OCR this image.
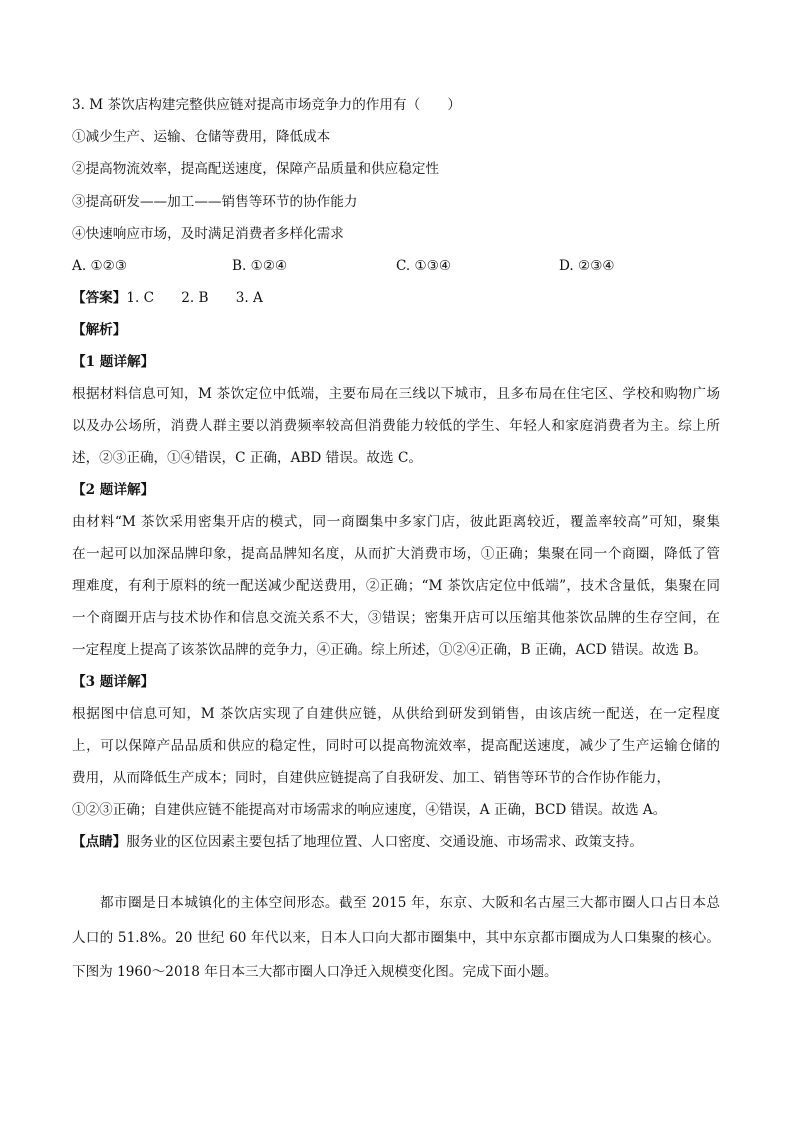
3. M 茶饮店构建完整供应链对提高市场竞争力的作用有（　　）
①减少生产、运输、仓储等费用，降低成本
②提高物流效率，提高配送速度，保障产品质量和供应稳定性
③提高研发——加工——销售等环节的协作能力
④快速响应市场，及时满足消费者多样化需求
A. ①②③	B. ①②④	C. ①③④	D. ②③④
【答案】1. C　　2. B　　3. A
【解析】
【1 题详解】
根据材料信息可知，M 茶饮定位中低端，主要布局在三线以下城市，且多布局在住宅区、学校和购物广场
以及办公场所，消费人群主要以消费频率较高但消费能力较低的学生、年轻人和家庭消费者为主。综上所
述，②③正确，①④错误，C 正确，ABD 错误。故选 C。
【2 题详解】
由材料“M 茶饮采用密集开店的模式，同一商圈集中多家门店，彼此距离较近，覆盖率较高”可知，聚集
在一起可以加深品牌印象，提高品牌知名度，从而扩大消费市场，①正确；集聚在同一个商圈，降低了管
理难度，有利于原料的统一配送减少配送费用，②正确；“M 茶饮店定位中低端”，技术含量低，集聚在同
一个商圈开店与技术协作和信息交流关系不大，③错误；密集开店可以压缩其他茶饮品牌的生存空间，在
一定程度上提高了该茶饮品牌的竞争力，④正确。综上所述，①②④正确，B 正确，ACD 错误。故选 B。
【3 题详解】
根据图中信息可知，M 茶饮店实现了自建供应链，从供给到研发到销售，由该店统一配送，在一定程度
上，可以保障产品品质和供应的稳定性，同时可以提高物流效率，提高配送速度，减少了生产运输仓储的
费用，从而降低生产成本；同时，自建供应链提高了自我研发、加工、销售等环节的合作协作能力，
①②③正确；自建供应链不能提高对市场需求的响应速度，④错误，A 正确，BCD 错误。故选 A。
【点睛】服务业的区位因素主要包括了地理位置、人口密度、交通设施、市场需求、政策支持。
都市圈是日本城镇化的主体空间形态。截至 2015 年，东京、大阪和名古屋三大都市圈人口占日本总
人口的 51.8%。20 世纪 60 年代以来，日本人口向大都市圈集中，其中东京都市圈成为人口集聚的核心。
下图为 1960～2018 年日本三大都市圈人口净迁入规模变化图。完成下面小题。
